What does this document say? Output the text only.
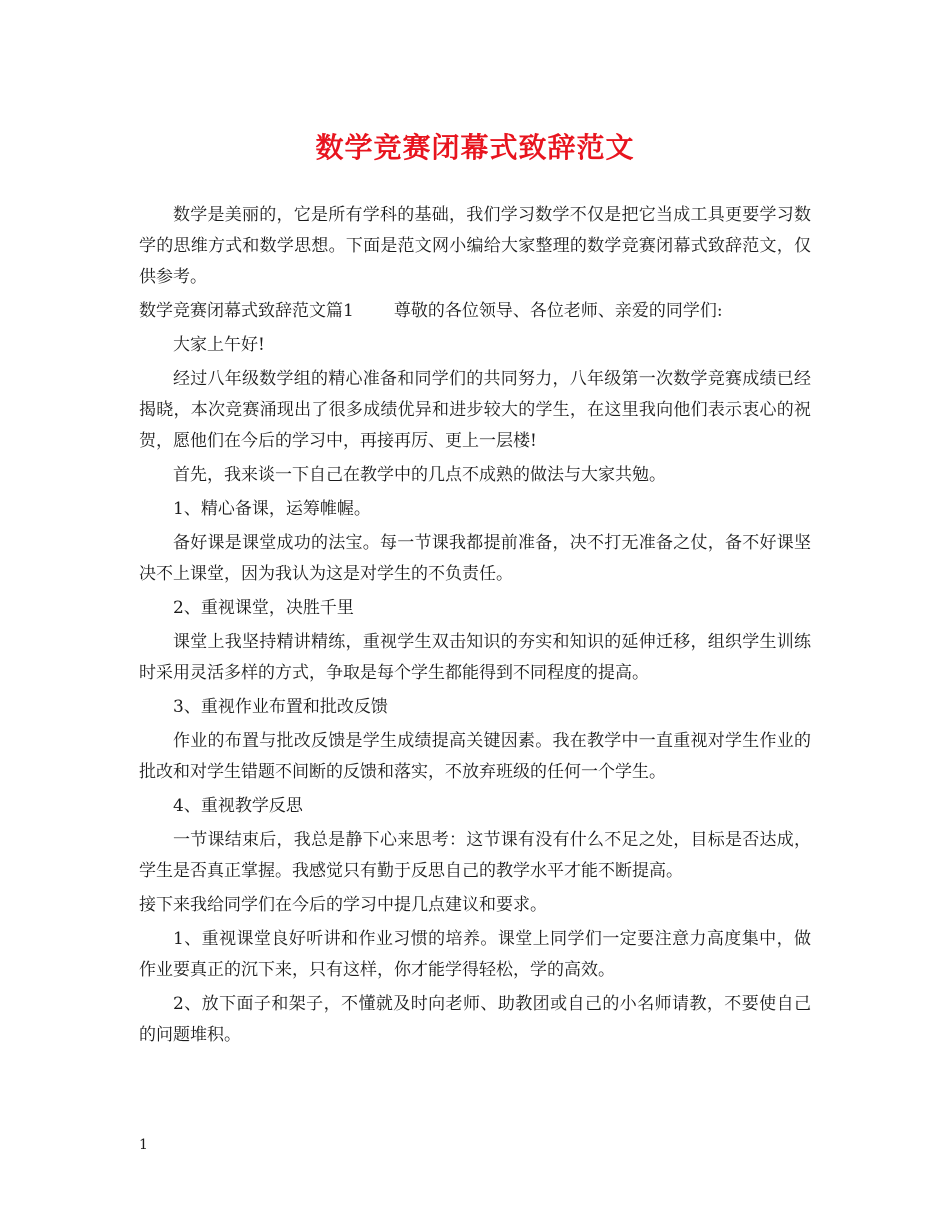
数学竞赛闭幕式致辞范文

数学是美丽的，它是所有学科的基础，我们学习数学不仅是把它当成工具更要学习数学的思维方式和数学思想。下面是范文网小编给大家整理的数学竞赛闭幕式致辞范文，仅供参考。

数学竞赛闭幕式致辞范文篇1 尊敬的各位领导、各位老师、亲爱的同学们:

大家上午好!

经过八年级数学组的精心准备和同学们的共同努力，八年级第一次数学竞赛成绩已经揭晓，本次竞赛涌现出了很多成绩优异和进步较大的学生，在这里我向他们表示衷心的祝贺，愿他们在今后的学习中，再接再厉、更上一层楼!

首先，我来谈一下自己在教学中的几点不成熟的做法与大家共勉。

1、精心备课，运筹帷幄。

备好课是课堂成功的法宝。每一节课我都提前准备，决不打无准备之仗，备不好课坚决不上课堂，因为我认为这是对学生的不负责任。

2、重视课堂，决胜千里

课堂上我坚持精讲精练，重视学生双击知识的夯实和知识的延伸迁移，组织学生训练时采用灵活多样的方式，争取是每个学生都能得到不同程度的提高。

3、重视作业布置和批改反馈

作业的布置与批改反馈是学生成绩提高关键因素。我在教学中一直重视对学生作业的批改和对学生错题不间断的反馈和落实，不放弃班级的任何一个学生。

4、重视教学反思

一节课结束后，我总是静下心来思考：这节课有没有什么不足之处，目标是否达成，学生是否真正掌握。我感觉只有勤于反思自己的教学水平才能不断提高。

接下来我给同学们在今后的学习中提几点建议和要求。

1、重视课堂良好听讲和作业习惯的培养。课堂上同学们一定要注意力高度集中，做作业要真正的沉下来，只有这样，你才能学得轻松，学的高效。

2、放下面子和架子，不懂就及时向老师、助教团或自己的小名师请教，不要使自己的问题堆积。

1
